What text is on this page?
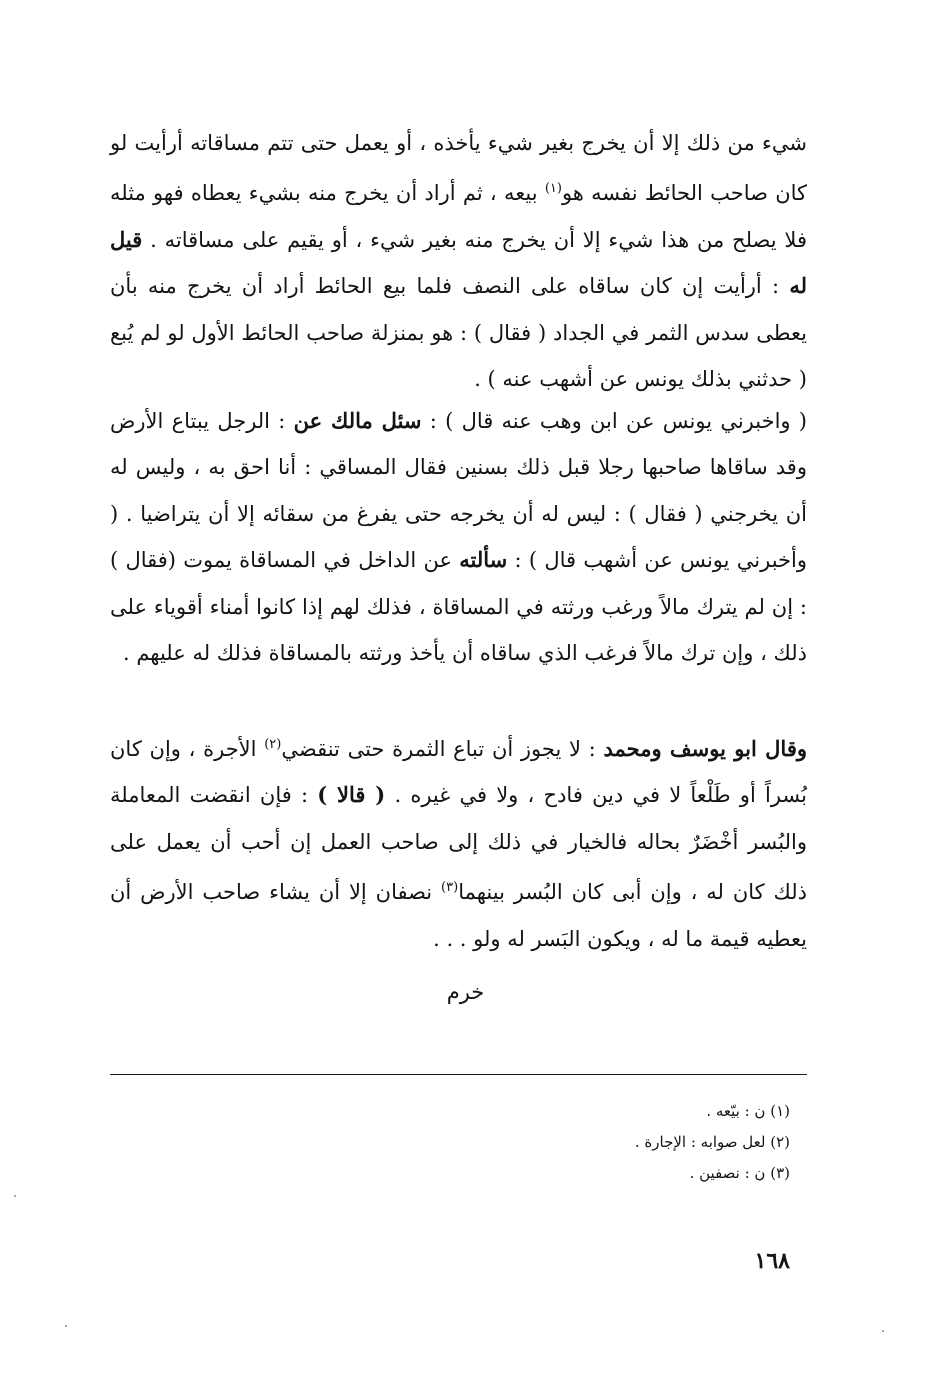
شيء من ذلك إلا أن يخرج بغير شيء يأخذه ، أو يعمل حتى تتم مساقاته أرأيت لو كان صاحب الحائط نفسه هو$^{(١)}$ بيعه ، ثم أراد أن يخرج منه بشيء يعطاه فهو مثله فلا يصلح من هذا شيء إلا أن يخرج منه بغير شيء ، أو يقيم على مساقاته . قيل له : أرأيت إن كان ساقاه على النصف فلما بيع الحائط أراد أن يخرج منه بأن يعطى سدس الثمر في الجداد ( فقال ) : هو بمنزلة صاحب الحائط الأول لو لم يُبع ( حدثني بذلك يونس عن أشهب عنه ) .

( واخبرني يونس عن ابن وهب عنه قال ) : سئل مالك عن : الرجل يبتاع الأرض وقد ساقاها صاحبها رجلا قبل ذلك بسنين فقال المساقي : أنا احق به ، وليس له أن يخرجني ( فقال ) : ليس له أن يخرجه حتى يفرغ من سقائه إلا أن يتراضيا . ( وأخبرني يونس عن أشهب قال ) : سألته عن الداخل في المساقاة يموت (فقال ) : إن لم يترك مالاً ورغب ورثته في المساقاة ، فذلك لهم إذا كانوا أمناء أقوياء على ذلك ، وإن ترك مالاً فرغب الذي ساقاه أن يأخذ ورثته بالمساقاة فذلك له عليهم .

وقال ابو يوسف ومحمد : لا يجوز أن تباع الثمرة حتى تنقضي$^{(٢)}$ الأجرة ، وإن كان بُسراً أو طَلْعاً لا في دين فادح ، ولا في غيره . ( قالا ) : فإن انقضت المعاملة والبُسر أخْضَرٌ بحاله فالخيار في ذلك إلى صاحب العمل إن أحب أن يعمل على ذلك كان له ، وإن أبى كان البُسر بينهما$^{(٣)}$ نصفان إلا أن يشاء صاحب الأرض أن يعطيه قيمة ما له ، ويكون البَسر له ولو . . .

خرم

(١) ن : بيّعه .

(٢) لعل صوابه : الإجارة .

(٣) ن : نصفين .

١٦٨
